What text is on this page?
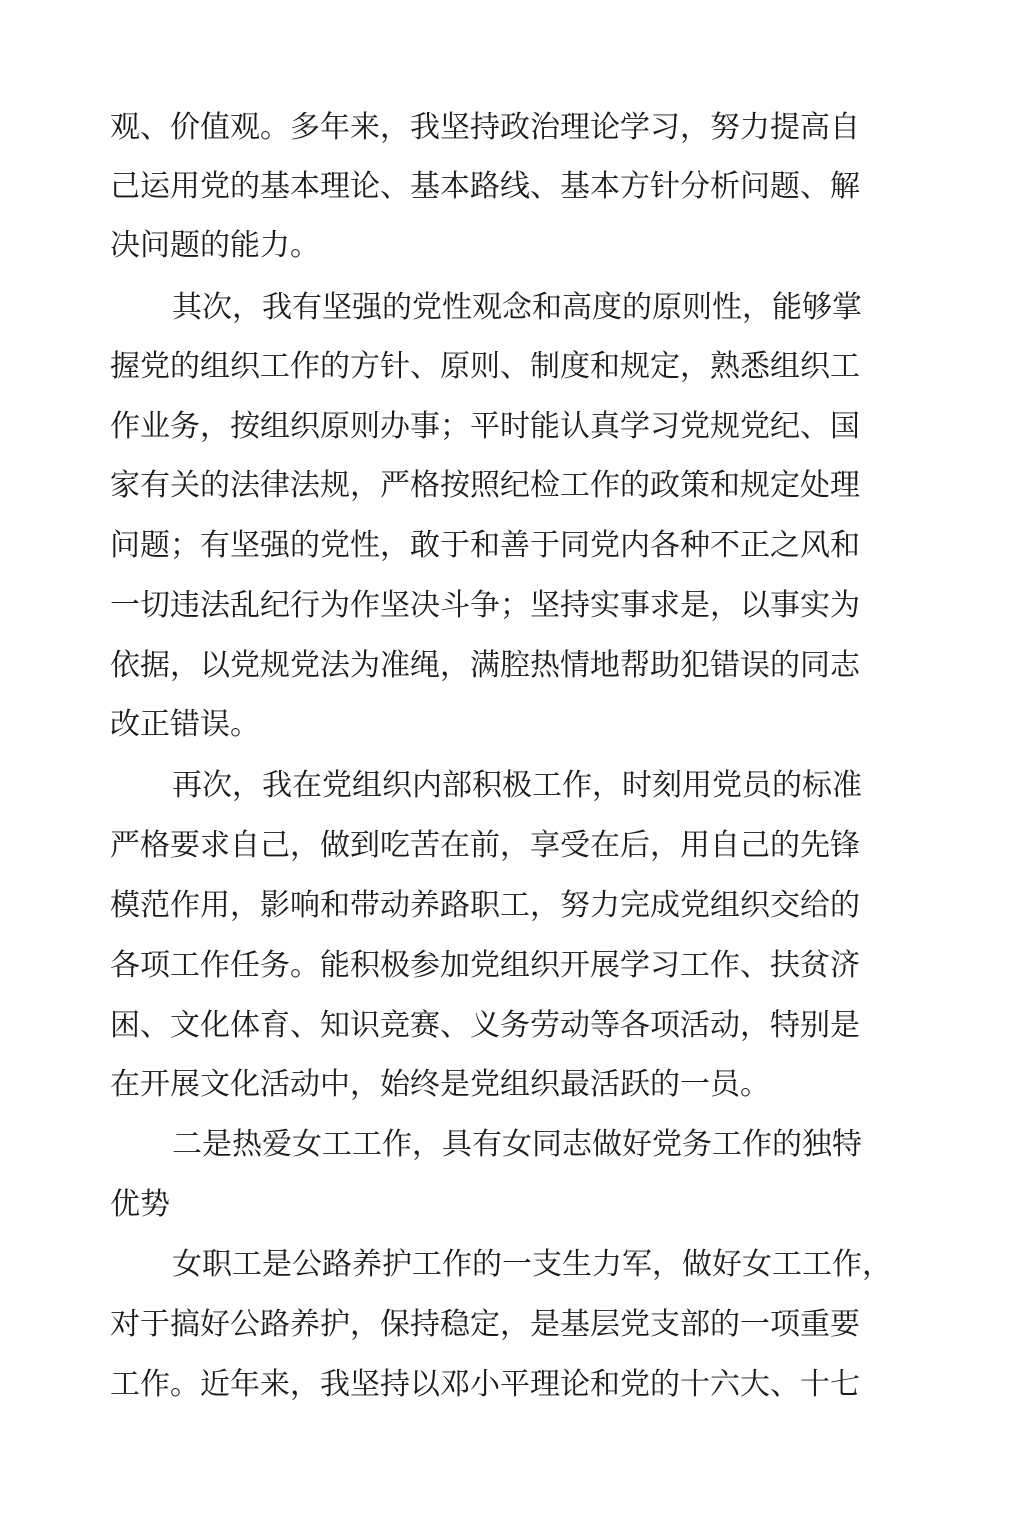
观、价值观。多年来，我坚持政治理论学习，努力提高自
己运用党的基本理论、基本路线、基本方针分析问题、解
决问题的能力。
其次，我有坚强的党性观念和高度的原则性，能够掌
握党的组织工作的方针、原则、制度和规定，熟悉组织工
作业务，按组织原则办事；平时能认真学习党规党纪、国
家有关的法律法规，严格按照纪检工作的政策和规定处理
问题；有坚强的党性，敢于和善于同党内各种不正之风和
一切违法乱纪行为作坚决斗争；坚持实事求是，以事实为
依据，以党规党法为准绳，满腔热情地帮助犯错误的同志
改正错误。
再次，我在党组织内部积极工作，时刻用党员的标准
严格要求自己，做到吃苦在前，享受在后，用自己的先锋
模范作用，影响和带动养路职工，努力完成党组织交给的
各项工作任务。能积极参加党组织开展学习工作、扶贫济
困、文化体育、知识竞赛、义务劳动等各项活动，特别是
在开展文化活动中，始终是党组织最活跃的一员。
二是热爱女工工作，具有女同志做好党务工作的独特
优势
女职工是公路养护工作的一支生力军，做好女工工作，
对于搞好公路养护，保持稳定，是基层党支部的一项重要
工作。近年来，我坚持以邓小平理论和党的十六大、十七
